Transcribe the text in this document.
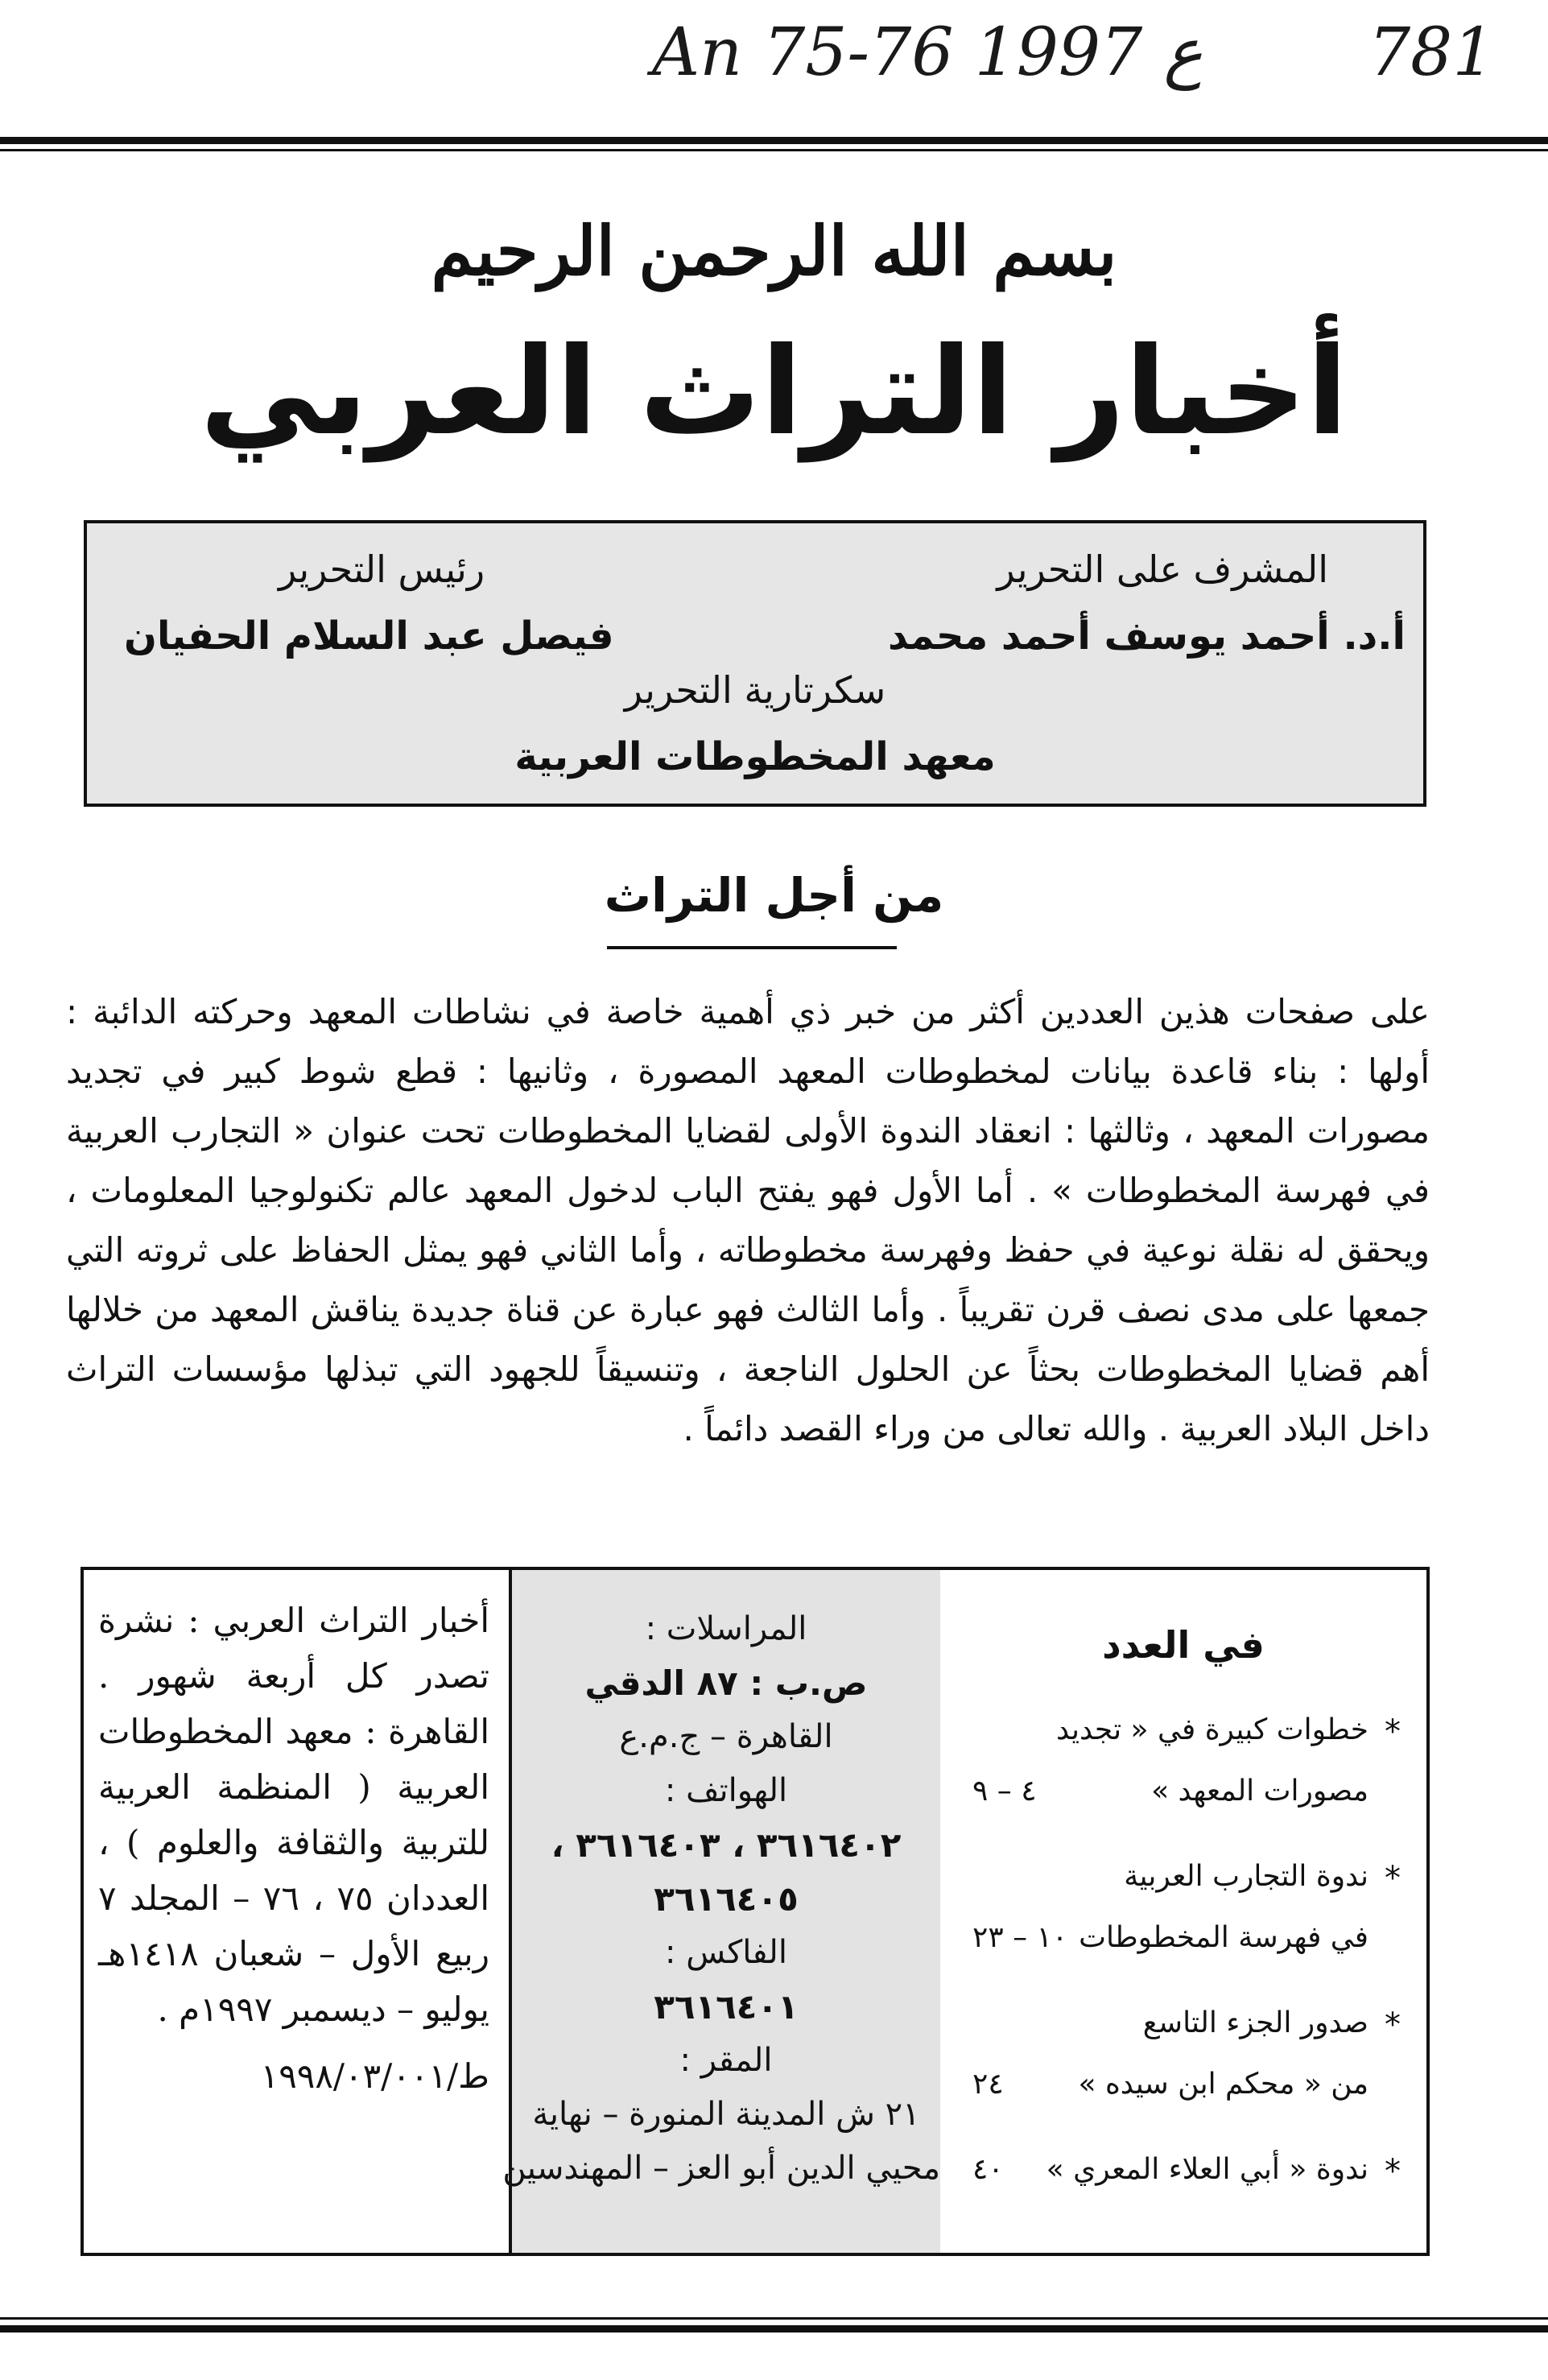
An 75-76 ع 1997	781
بسم الله الرحمن الرحيم
أخبار التراث العربي
المشرف على التحرير
أ.د. أحمد يوسف أحمد محمد
رئيس التحرير
فيصل عبد السلام الحفيان
سكرتارية التحرير
معهد المخطوطات العربية
من أجل التراث

على صفحات هذين العددين أكثر من خبر ذي أهمية خاصة في نشاطات المعهد وحركته الدائبة : أولها : بناء قاعدة بيانات لمخطوطات المعهد المصورة ، وثانيها : قطع شوط كبير في تجديد مصورات المعهد ، وثالثها : انعقاد الندوة الأولى لقضايا المخطوطات تحت عنوان « التجارب العربية في فهرسة المخطوطات » . أما الأول فهو يفتح الباب لدخول المعهد عالم تكنولوجيا المعلومات ، ويحقق له نقلة نوعية في حفظ وفهرسة مخطوطاته ، وأما الثاني فهو يمثل الحفاظ على ثروته التي جمعها على مدى نصف قرن تقريباً . وأما الثالث فهو عبارة عن قناة جديدة يناقش المعهد من خلالها أهم قضايا المخطوطات بحثاً عن الحلول الناجعة ، وتنسيقاً للجهود التي تبذلها مؤسسات التراث داخل البلاد العربية . والله تعالى من وراء القصد دائماً .

في العدد
*
خطوات كبيرة في « تجديد
مصورات المعهد »
٤ – ٩
*
ندوة التجارب العربية
في فهرسة المخطوطات
١٠ – ٢٣
*
صدور الجزء التاسع
من « محكم ابن سيده »
٢٤
*
ندوة « أبي العلاء المعري »
٤٠
المراسلات :
ص.ب : ٨٧ الدقي
القاهرة – ج.م.ع
الهواتف :
٣٦١٦٤٠٢ ، ٣٦١٦٤٠٣ ،
٣٦١٦٤٠٥
الفاكس :
٣٦١٦٤٠١
المقر :
٢١ ش المدينة المنورة – نهاية
محيي الدين أبو العز – المهندسين
أخبار التراث العربي : نشرة تصدر كل أربعة شهور . القاهرة : معهد المخطوطات العربية ( المنظمة العربية للتربية والثقافة والعلوم ) ، العددان ٧٥ ، ٧٦ – المجلد ٧ ربيع الأول – شعبان ١٤١٨هـ يوليو – ديسمبر ١٩٩٧م .
ط/١٩٩٨/٠٣/٠٠١
